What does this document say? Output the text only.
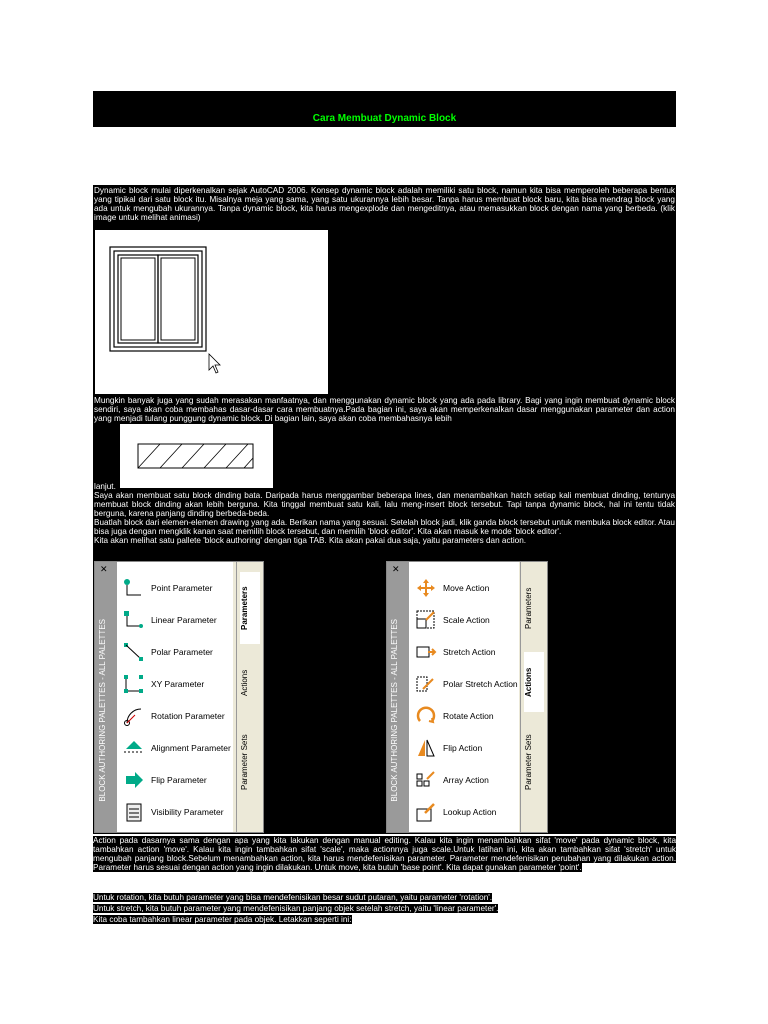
Cara Membuat Dynamic Block
Dynamic block mulai diperkenalkan sejak AutoCAD 2006. Konsep dynamic block adalah memiliki satu block, namun kita bisa memperoleh beberapa bentuk yang tipikal dari satu block itu. Misalnya meja yang sama, yang satu ukurannya lebih besar. Tanpa harus membuat block baru, kita bisa mendrag block yang ada untuk mengubah ukurannya. Tanpa dynamic block, kita harus mengexplode dan mengeditnya, atau memasukkan block dengan nama yang berbeda. (klik image untuk melihat animasi)
Mungkin banyak juga yang sudah merasakan manfaatnya, dan menggunakan dynamic block yang ada pada library. Bagi yang ingin membuat dynamic block sendiri, saya akan coba membahas dasar-dasar cara membuatnya.Pada bagian ini, saya akan memperkenalkan dasar menggunakan parameter dan action yang menjadi tulang punggung dynamic block. Di bagian lain, saya akan coba membahasnya lebih

lanjut.

Saya akan membuat satu block dinding bata. Daripada harus menggambar beberapa lines, dan menambahkan hatch setiap kali membuat dinding, tentunya membuat block dinding akan lebih berguna. Kita tinggal membuat satu kali, lalu meng-insert block tersebut. Tapi tanpa dynamic block, hal ini tentu tidak berguna, karena panjang dinding berbeda-beda.

Buatlah block dari elemen-elemen drawing yang ada. Berikan nama yang sesuai. Setelah block jadi, klik ganda block tersebut untuk membuka block editor. Atau bisa juga dengan mengklik kanan saat memilih block tersebut, dan memilih 'block editor'. Kita akan masuk ke mode 'block editor'.

Kita akan melihat satu pallete 'block authoring' dengan tiga TAB. Kita akan pakai dua saja, yaitu parameters dan action.

✕
BLOCK AUTHORING PALETTES - ALL PALETTES
Point Parameter
Linear Parameter
Polar Parameter
XY Parameter
Rotation Parameter
Alignment Parameter
Flip Parameter
Visibility Parameter
Parameters
Actions
Parameter Sets
✕
BLOCK AUTHORING PALETTES - ALL PALETTES
Move Action
Scale Action
Stretch Action
Polar Stretch Action
Rotate Action
Flip Action
Array Action
Lookup Action
Parameters
Actions
Parameter Sets
Action pada dasarnya sama dengan apa yang kita lakukan dengan manual editing. Kalau kita ingin menambahkan sifat 'move' pada dynamic block, kita tambahkan action 'move'. Kalau kita ingin tambahkan sifat 'scale', maka actionnya juga scale.Untuk latihan ini, kita akan tambahkan sifat 'stretch' untuk mengubah panjang block.Sebelum menambahkan action, kita harus mendefenisikan parameter. Parameter mendefenisikan perubahan yang dilakukan action. Parameter harus sesuai dengan action yang ingin dilakukan. Untuk move, kita butuh 'base point'. Kita dapat gunakan parameter 'point'.
Untuk rotation, kita butuh parameter yang bisa mendefenisikan besar sudut putaran, yaitu parameter 'rotation'.
Untuk stretch, kita butuh parameter yang mendefenisikan panjang objek setelah stretch, yaitu 'linear parameter'.
Kita coba tambahkan linear parameter pada objek. Letakkan seperti ini:
